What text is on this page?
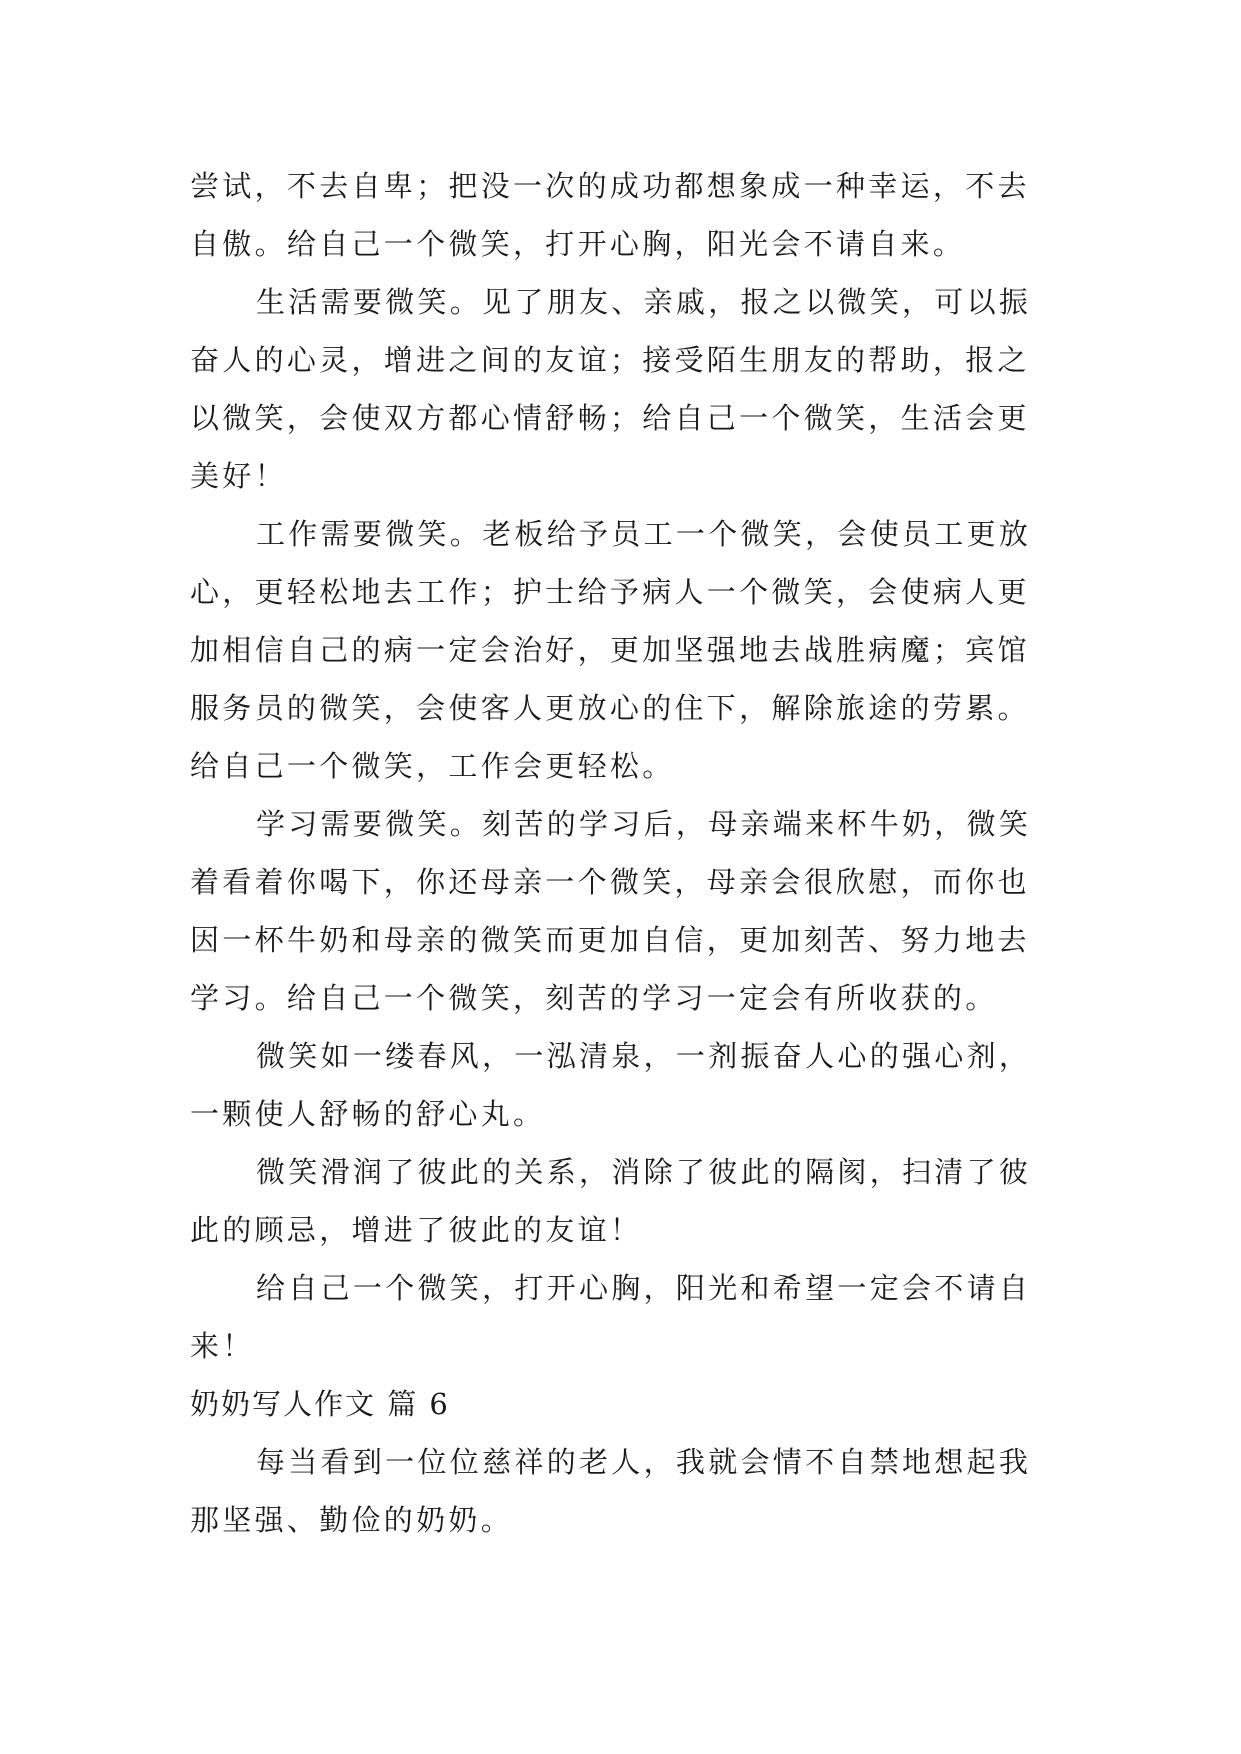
尝试，不去自卑；把没一次的成功都想象成一种幸运，不去
自傲。给自己一个微笑，打开心胸，阳光会不请自来。
生活需要微笑。见了朋友、亲戚，报之以微笑，可以振
奋人的心灵，增进之间的友谊；接受陌生朋友的帮助，报之
以微笑，会使双方都心情舒畅；给自己一个微笑，生活会更
美好！
工作需要微笑。老板给予员工一个微笑，会使员工更放
心，更轻松地去工作；护士给予病人一个微笑，会使病人更
加相信自己的病一定会治好，更加坚强地去战胜病魔；宾馆
服务员的微笑，会使客人更放心的住下，解除旅途的劳累。
给自己一个微笑，工作会更轻松。
学习需要微笑。刻苦的学习后，母亲端来杯牛奶，微笑
着看着你喝下，你还母亲一个微笑，母亲会很欣慰，而你也
因一杯牛奶和母亲的微笑而更加自信，更加刻苦、努力地去
学习。给自己一个微笑，刻苦的学习一定会有所收获的。
微笑如一缕春风，一泓清泉，一剂振奋人心的强心剂，
一颗使人舒畅的舒心丸。
微笑滑润了彼此的关系，消除了彼此的隔阂，扫清了彼
此的顾忌，增进了彼此的友谊！
给自己一个微笑，打开心胸，阳光和希望一定会不请自
来！
奶奶写人作文 篇 6
每当看到一位位慈祥的老人，我就会情不自禁地想起我
那坚强、勤俭的奶奶。
